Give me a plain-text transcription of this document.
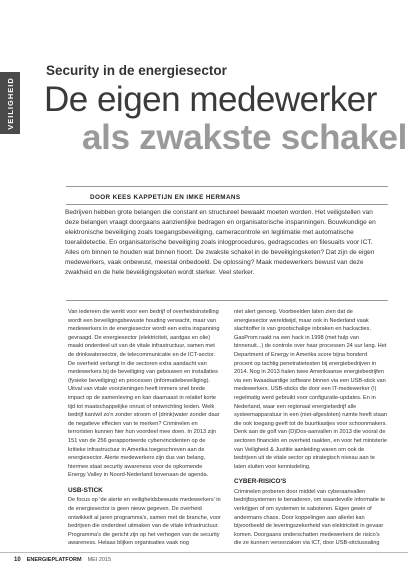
VEILIGHEID
Security in de energiesector
De eigen medewerker
als zwakste schakel
DOOR KEES KAPPETIJN EN IMKE HERMANS
Bedrijven hebben grote belangen die constant en structureel bewaakt moeten worden. Het veiligstellen van deze belangen vraagt doorgaans aanzienlijke bedragen en organisatorische inspanningen. Bouwkundige en elektronische beveiliging zoals toegangsbeveiliging, cameracontrole en legitimatie met automatische toeraildetectie. En organisatorische beveiliging zoals inlogprocedures, gedragscodes en filesuaits voor ICT. Alles om binnen te houden wat binnen hoort. De zwakste schakel in de beveiligingsketen? Dat zijn de eigen medewerkers, vaak onbewust, meestal onbedoeld. De oplossing? Maak medewerkers bewust van deze zwakheid en de hele beveiligingsketen wordt sterker. Veel sterker.

Van iedereen die werkt voor een bedrijf of overheidsinstelling wordt een beveiligingsbewuste houding verwacht, maar van medewerkers in de energiesector wordt een extra inspanning gevraagd. De energiesector (elektriciteit, aardgas en olie) maakt onderdeel uit van de vitale infrastructuur, samen met de drinkwatersector, de telecommunicatie en de ICT-sector. De overheid verlangt in die sectoren extra aandacht van medewerkers bij de beveiliging van gebouwen en installaties (fysieke beveiliging) en processen (informatiebeveiliging). Uitval van vitale voorzieningen heeft immers snel brede impact op de samenleving en kan daarnaast in relatief korte tijd tot maatschappelijke onrust of ontwrichting leiden. Welk bedrijf kan/wil zo'n zonder stroom of (drink)water zonder daar de negatieve effecten van te merken? Criminelen en terroristen kunnen hier hun voordeel mee doen. In 2013 zijn 151 van de 256 gerapporteerde cybervincidenten op de kritieke infrastructuur in Amerika toegeschreven aan de energiesector. Alerte medewerkers zijn dus van belang, hiermee staat security awareness voor de opkomende Energy Valley in Noord-Nederland bovenaan de agenda.

USB-STICK

De focus op 'de alerte en veiligheidsbewuste medewerkers' in de energiesector is geen nieuw gegeven. De overheid ontwikkelt al jaren programma's, samen met de branche, voor bedrijven die onderdeel uitmaken van de vitale infrastructuur. Programma's die gericht zijn op het verhogen van de security awareness. Helaas blijken organisaties vaak nog

niet alert genoeg. Voorbeelden laten zien dat de energiesector wereldwijd, maar ook in Nederland vaak slachtoffer is van grootschalige inbraken en hackacties. GasProm raakt na een hack in 1998 (met hulp van binnenuit...) de controle over haar processen 24 uur lang. Het Department of Energy in Amerika score bijna honderd procent op tachtig penetratietesten bij energiebedrijven in 2014. Nog in 2013 halen twee Amerikaanse energiebedrijfen via een kwaadaardige software binnen via een USB-stick van medewerkers. USB-sticks die door een IT-medewerker (!) regelmatig werd gebruikt voor configuratie-updates. En in Nederland, waar een regionaal energiebedrijf alle systeemapparatuur in een (niet-afgesloten) ruimte heeft staan die ook toegang geeft tot de buurtkastjes voor schoonmakers. Denk aan de golf van (D)Dos-aanvallen in 2013 die vooral de sectoren financiën en overheid raakten, en voor het ministerie van Veiligheid & Justitie aanleiding waren om ook de bedrijven uit de vitale sector op strategisch niveau aan te laten sluiten voor kennisdeling.

CYBER-RISICO'S

Criminelen proberen door middel van cyberaanvallen bedrijfssystemen te benaderen, om waardevolle informatie te verkrijgen of om systemen te saboteren. Eigen gewin of andermans chaos. Door koppelingen aan allerlei kan bijvoorbeeld de leveringszekerheid van elektriciteit in gevaar komen. Doorgaans onderschatten medewerkers de risico's die ze kunnen veroorzaken via ICT, door USB-sitctussaling

10 ENERGIEPLATFORM MEI 2015
